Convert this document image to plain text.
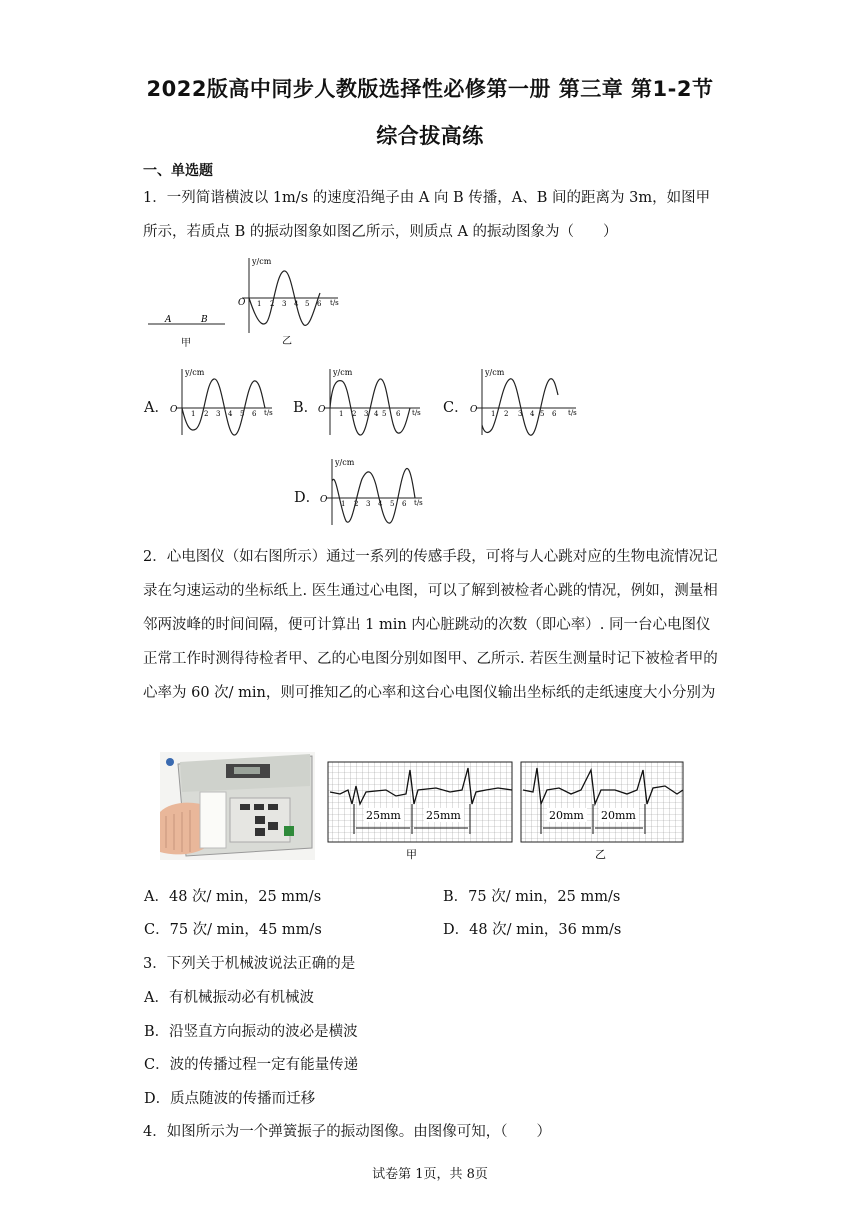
2022版高中同步人教版选择性必修第一册 第三章 第1-2节
综合拔高练
一、单选题
1．一列简谐横波以 1m/s 的速度沿绳子由 A 向 B 传播，A、B 间的距离为 3m，如图甲所示，若质点 B 的振动图象如图乙所示，则质点 A 的振动图象为（　　）
A	B
甲
y/cm
O	t/s
1 2 3 4 5 6
乙
A．
y/cm
O	t/s
1 2 3 4 5 6	B．
y/cm
O	t/s
1 2 3 4 5 6	C．
y/cm
O	t/s
1 2 3 4 5 6
D．
y/cm
O	t/s
1 2 3 4 5 6
2．心电图仪（如右图所示）通过一系列的传感手段，可将与人心跳对应的生物电流情况记录在匀速运动的坐标纸上. 医生通过心电图，可以了解到被检者心跳的情况，例如，测量相邻两波峰的时间间隔，便可计算出 1 min 内心脏跳动的次数（即心率）. 同一台心电图仪正常工作时测得待检者甲、乙的心电图分别如图甲、乙所示. 若医生测量时记下被检者甲的心率为 60 次/ min，则可推知乙的心率和这台心电图仪输出坐标纸的走纸速度大小分别为
25mm 25mm
甲
20mm 20mm
乙
A．48 次/ min，25 mm/s	B．75 次/ min，25 mm/s
C．75 次/ min，45 mm/s	D．48 次/ min，36 mm/s
3．下列关于机械波说法正确的是
A．有机械振动必有机械波
B．沿竖直方向振动的波必是横波
C．波的传播过程一定有能量传递
D．质点随波的传播而迁移
4．如图所示为一个弹簧振子的振动图像。由图像可知，（　　）
试卷第 1页，共 8页
